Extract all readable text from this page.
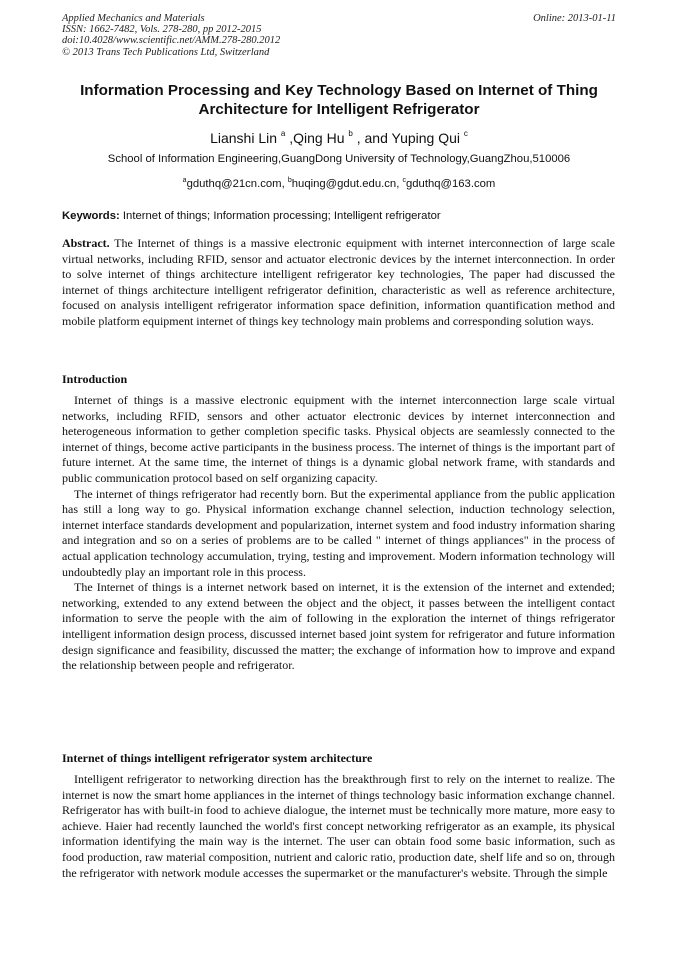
Applied Mechanics and Materials
ISSN: 1662-7482, Vols. 278-280, pp 2012-2015
doi:10.4028/www.scientific.net/AMM.278-280.2012
© 2013 Trans Tech Publications Ltd, Switzerland
Online: 2013-01-11
Information Processing and Key Technology Based on Internet of Thing Architecture for Intelligent Refrigerator
Lianshi Lin $^a$ ,Qing Hu $^b$ , and Yuping Qui $^c$
School of Information Engineering,GuangDong University of Technology,GuangZhou,510006
$^a$gduthq@21cn.com, $^b$huqing@gdut.edu.cn, $^c$gduthq@163.com
Keywords: Internet of things; Information processing; Intelligent refrigerator

Abstract. The Internet of things is a massive electronic equipment with internet interconnection of large scale virtual networks, including RFID, sensor and actuator electronic devices by the internet interconnection. In order to solve internet of things architecture intelligent refrigerator key technologies, The paper had discussed the internet of things architecture intelligent refrigerator definition, characteristic as well as reference architecture, focused on analysis intelligent refrigerator information space definition, information quantification method and mobile platform equipment internet of things key technology main problems and corresponding solution ways.

Introduction

Internet of things is a massive electronic equipment with the internet interconnection large scale virtual networks, including RFID, sensors and other actuator electronic devices by internet interconnection and heterogeneous information to gether completion specific tasks. Physical objects are seamlessly connected to the internet of things, become active participants in the business process. The internet of things is the important part of future internet. At the same time, the internet of things is a dynamic global network frame, with standards and public communication protocol based on self organizing capacity.

The internet of things refrigerator had recently born. But the experimental appliance from the public application has still a long way to go. Physical information exchange channel selection, induction technology selection, internet interface standards development and popularization, internet system and food industry information sharing and integration and so on a series of problems are to be called " internet of things appliances" in the process of actual application technology accumulation, trying, testing and improvement. Modern information technology will undoubtedly play an important role in this process.

The Internet of things is a internet network based on internet, it is the extension of the internet and extended; networking, extended to any extend between the object and the object, it passes between the intelligent contact information to serve the people with the aim of following in the exploration the internet of things refrigerator intelligent information design process, discussed internet based joint system for refrigerator and future information design significance and feasibility, discussed the matter; the exchange of information how to improve and expand the relationship between people and refrigerator.

Internet of things intelligent refrigerator system architecture

Intelligent refrigerator to networking direction has the breakthrough first to rely on the internet to realize. The internet is now the smart home appliances in the internet of things technology basic information exchange channel. Refrigerator has with built-in food to achieve dialogue, the internet must be technically more mature, more easy to achieve. Haier had recently launched the world's first concept networking refrigerator as an example, its physical information identifying the main way is the internet. The user can obtain food some basic information, such as food production, raw material composition, nutrient and caloric ratio, production date, shelf life and so on, through the refrigerator with network module accesses the supermarket or the manufacturer's website. Through the simple
